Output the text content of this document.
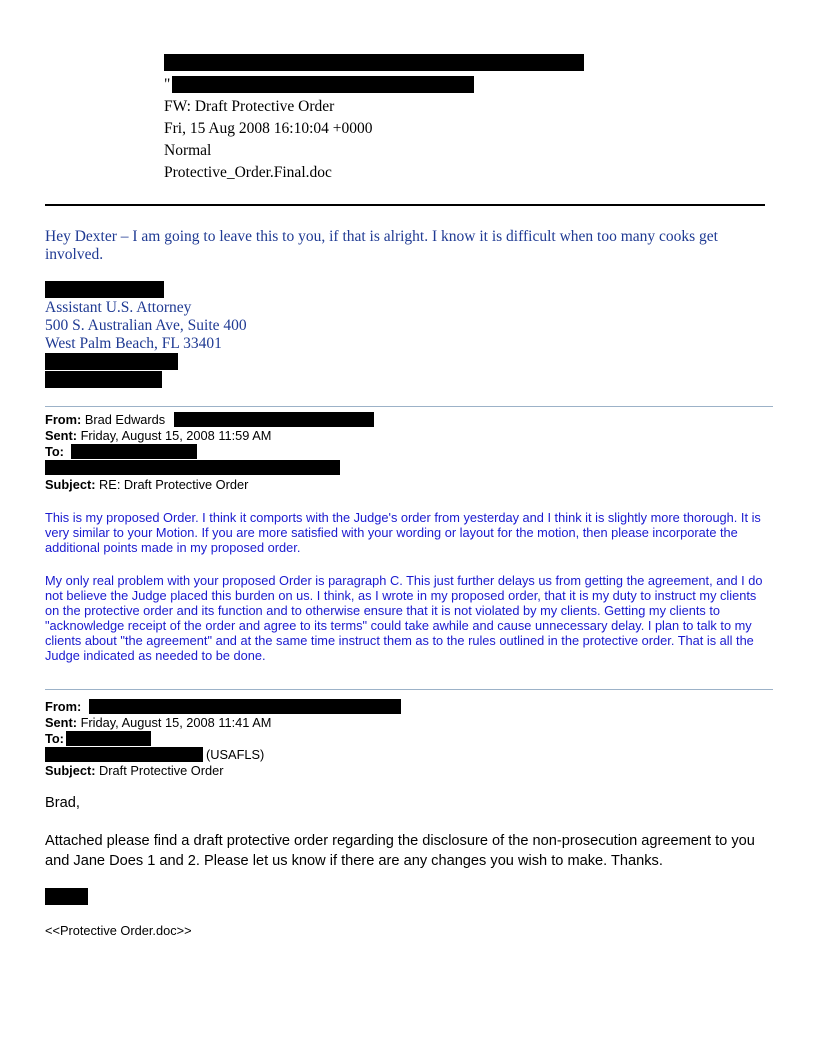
"
FW: Draft Protective Order
Fri, 15 Aug 2008 16:10:04 +0000
Normal
Protective_Order.Final.doc
Hey Dexter – I am going to leave this to you, if that is alright. I know it is difficult when too many cooks get involved.
Assistant U.S. Attorney
500 S. Australian Ave, Suite 400
West Palm Beach, FL 33401
From: Brad Edwards
Sent: Friday, August 15, 2008 11:59 AM
To:
Subject: RE: Draft Protective Order
This is my proposed Order. I think it comports with the Judge's order from yesterday and I think it is slightly more thorough. It is very similar to your Motion. If you are more satisfied with your wording or layout for the motion, then please incorporate the additional points made in my proposed order.
My only real problem with your proposed Order is paragraph C. This just further delays us from getting the agreement, and I do not believe the Judge placed this burden on us. I think, as I wrote in my proposed order, that it is my duty to instruct my clients on the protective order and its function and to otherwise ensure that it is not violated by my clients. Getting my clients to "acknowledge receipt of the order and agree to its terms" could take awhile and cause unnecessary delay. I plan to talk to my clients about "the agreement" and at the same time instruct them as to the rules outlined in the protective order. That is all the Judge indicated as needed to be done.
From:
Sent: Friday, August 15, 2008 11:41 AM
To:
(USAFLS)
Subject: Draft Protective Order
Brad,
Attached please find a draft protective order regarding the disclosure of the non-prosecution agreement to you and Jane Does 1 and 2. Please let us know if there are any changes you wish to make. Thanks.
<<Protective Order.doc>>
